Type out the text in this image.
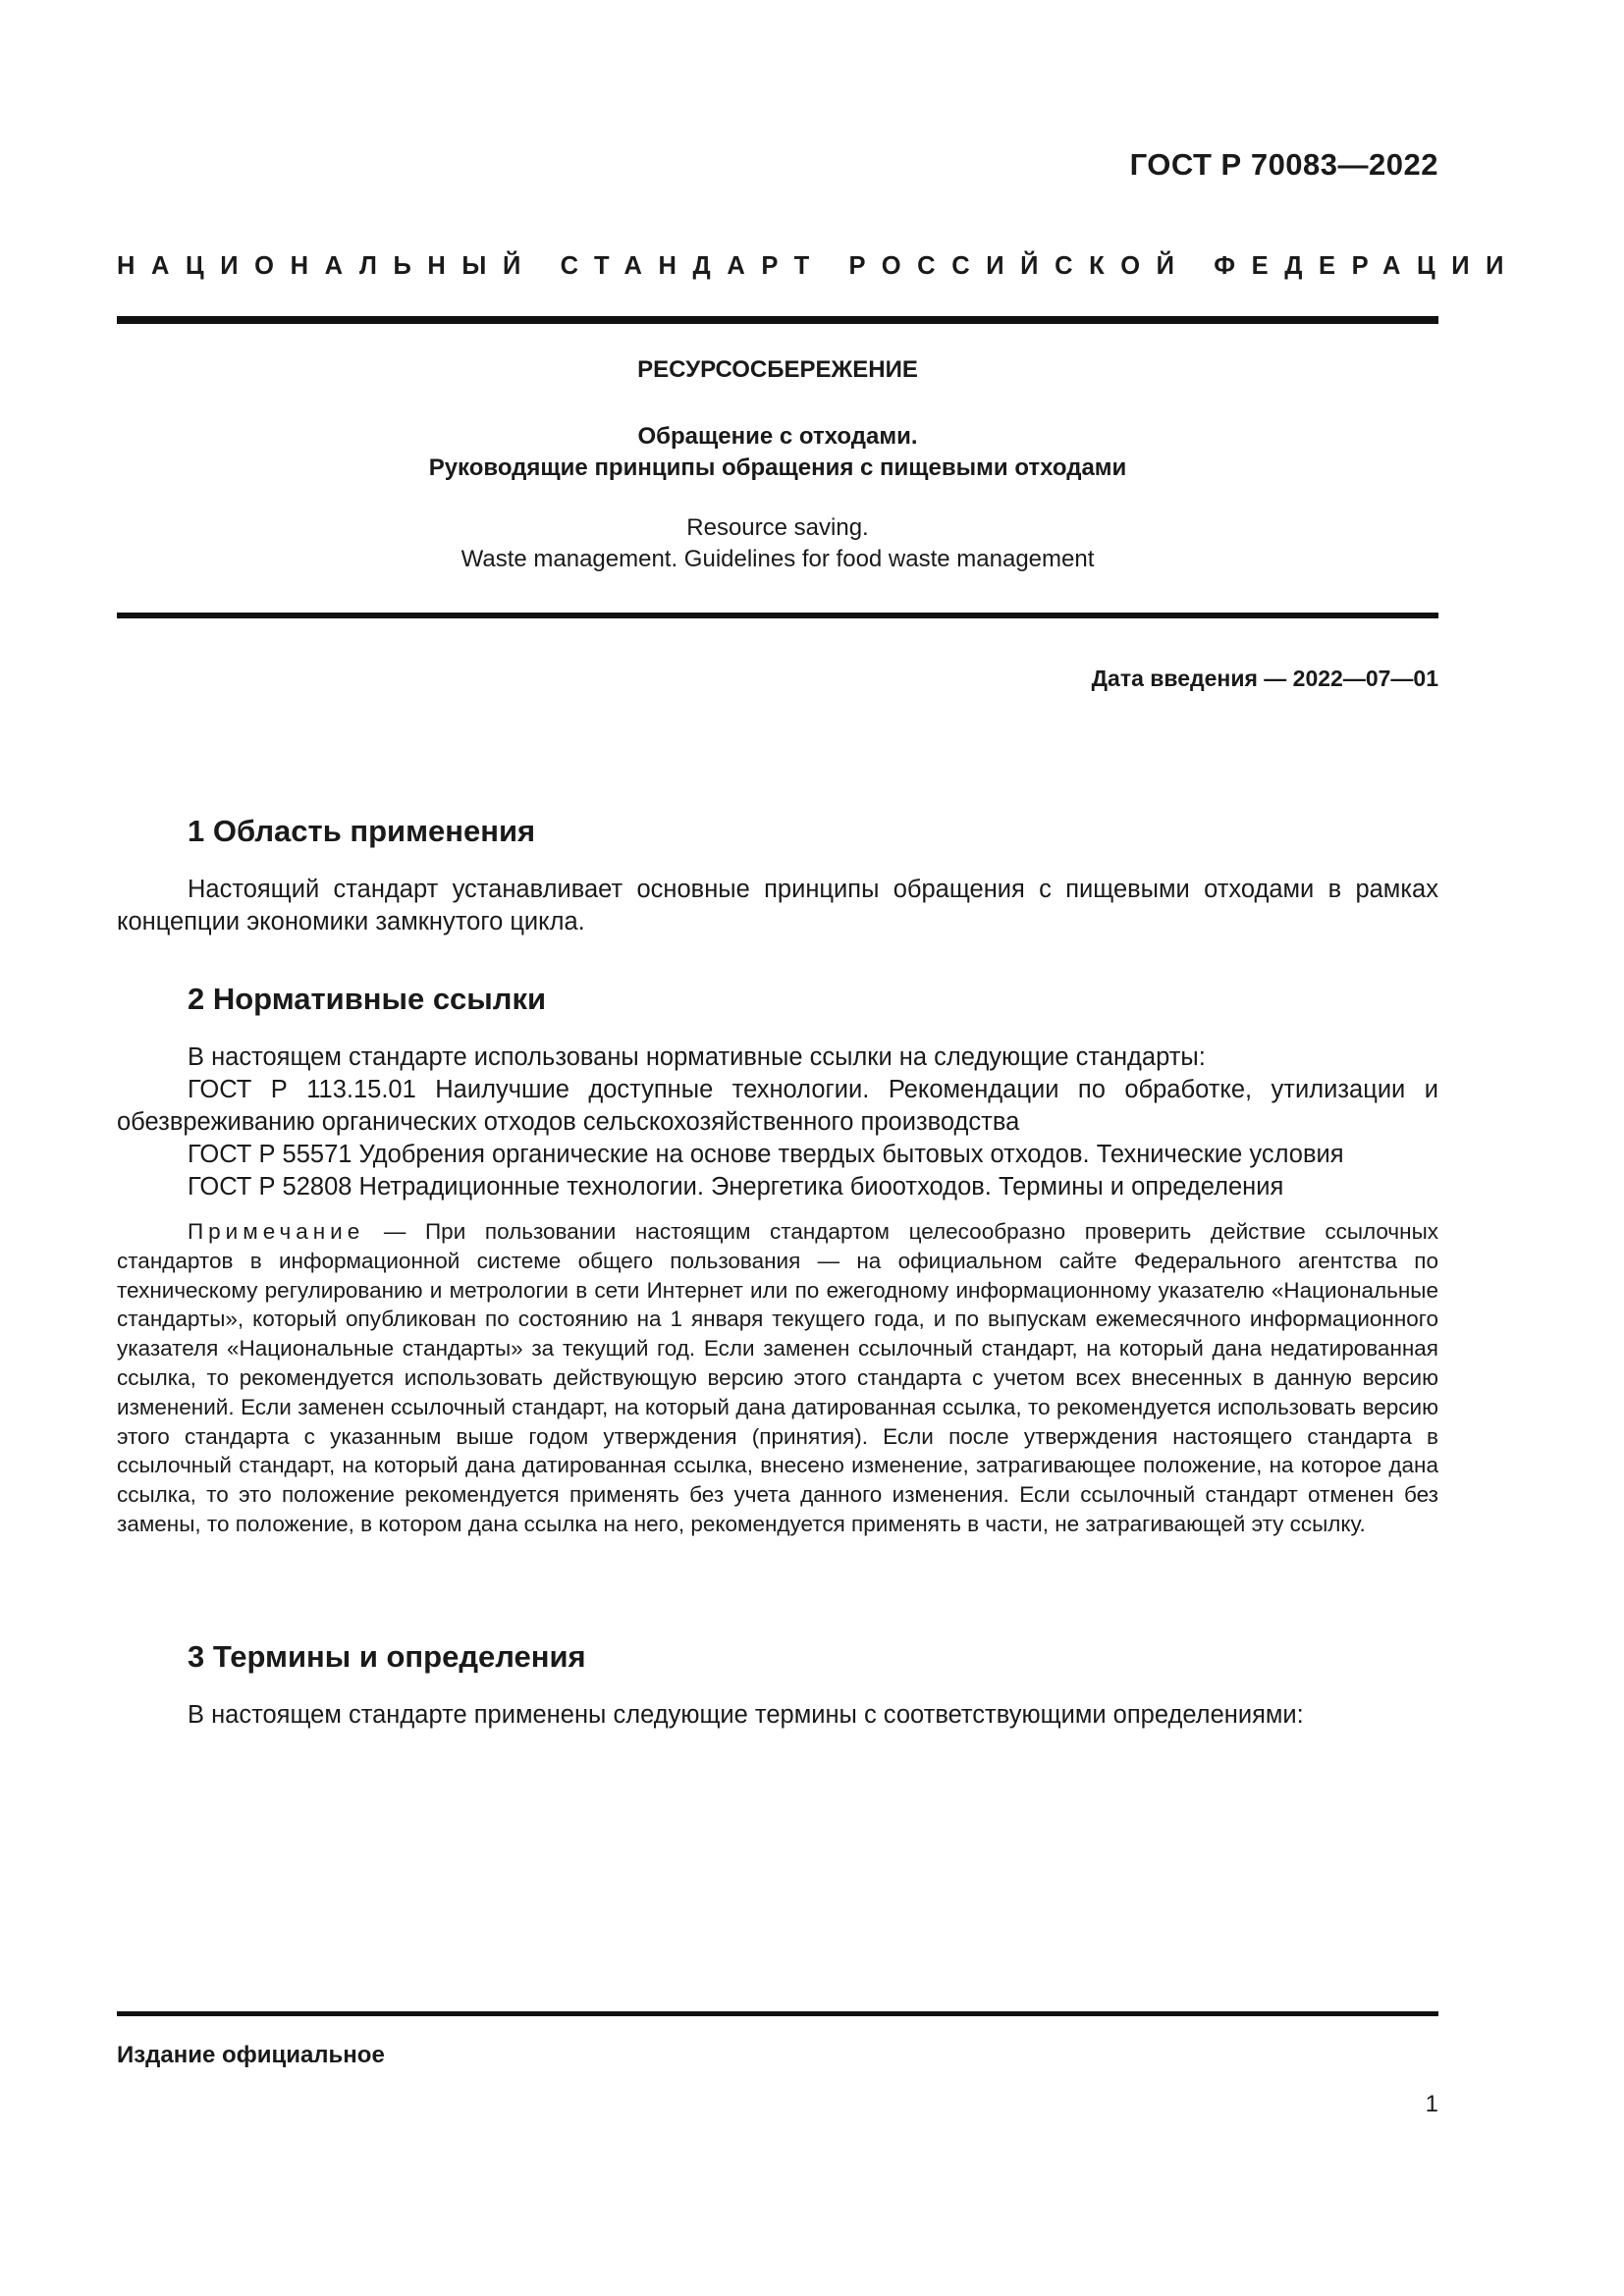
ГОСТ Р 70083—2022
НАЦИОНАЛЬНЫЙ СТАНДАРТ РОССИЙСКОЙ ФЕДЕРАЦИИ
РЕСУРСОСБЕРЕЖЕНИЕ
Обращение с отходами.
Руководящие принципы обращения с пищевыми отходами
Resource saving.
Waste management. Guidelines for food waste management
Дата введения — 2022—07—01
1 Область применения

Настоящий стандарт устанавливает основные принципы обращения с пищевыми отходами в рамках концепции экономики замкнутого цикла.

2 Нормативные ссылки

В настоящем стандарте использованы нормативные ссылки на следующие стандарты:

ГОСТ Р 113.15.01 Наилучшие доступные технологии. Рекомендации по обработке, утилизации и обезвреживанию органических отходов сельскохозяйственного производства

ГОСТ Р 55571 Удобрения органические на основе твердых бытовых отходов. Технические условия

ГОСТ Р 52808 Нетрадиционные технологии. Энергетика биоотходов. Термины и определения

Примечание — При пользовании настоящим стандартом целесообразно проверить действие ссылочных стандартов в информационной системе общего пользования — на официальном сайте Федерального агентства по техническому регулированию и метрологии в сети Интернет или по ежегодному информационному указателю «Национальные стандарты», который опубликован по состоянию на 1 января текущего года, и по выпускам ежемесячного информационного указателя «Национальные стандарты» за текущий год. Если заменен ссылочный стандарт, на который дана недатированная ссылка, то рекомендуется использовать действующую версию этого стандарта с учетом всех внесенных в данную версию изменений. Если заменен ссылочный стандарт, на который дана датированная ссылка, то рекомендуется использовать версию этого стандарта с указанным выше годом утверждения (принятия). Если после утверждения настоящего стандарта в ссылочный стандарт, на который дана датированная ссылка, внесено изменение, затрагивающее положение, на которое дана ссылка, то это положение рекомендуется применять без учета данного изменения. Если ссылочный стандарт отменен без замены, то положение, в котором дана ссылка на него, рекомендуется применять в части, не затрагивающей эту ссылку.

3 Термины и определения

В настоящем стандарте применены следующие термины с соответствующими определениями:

Издание официальное
1
